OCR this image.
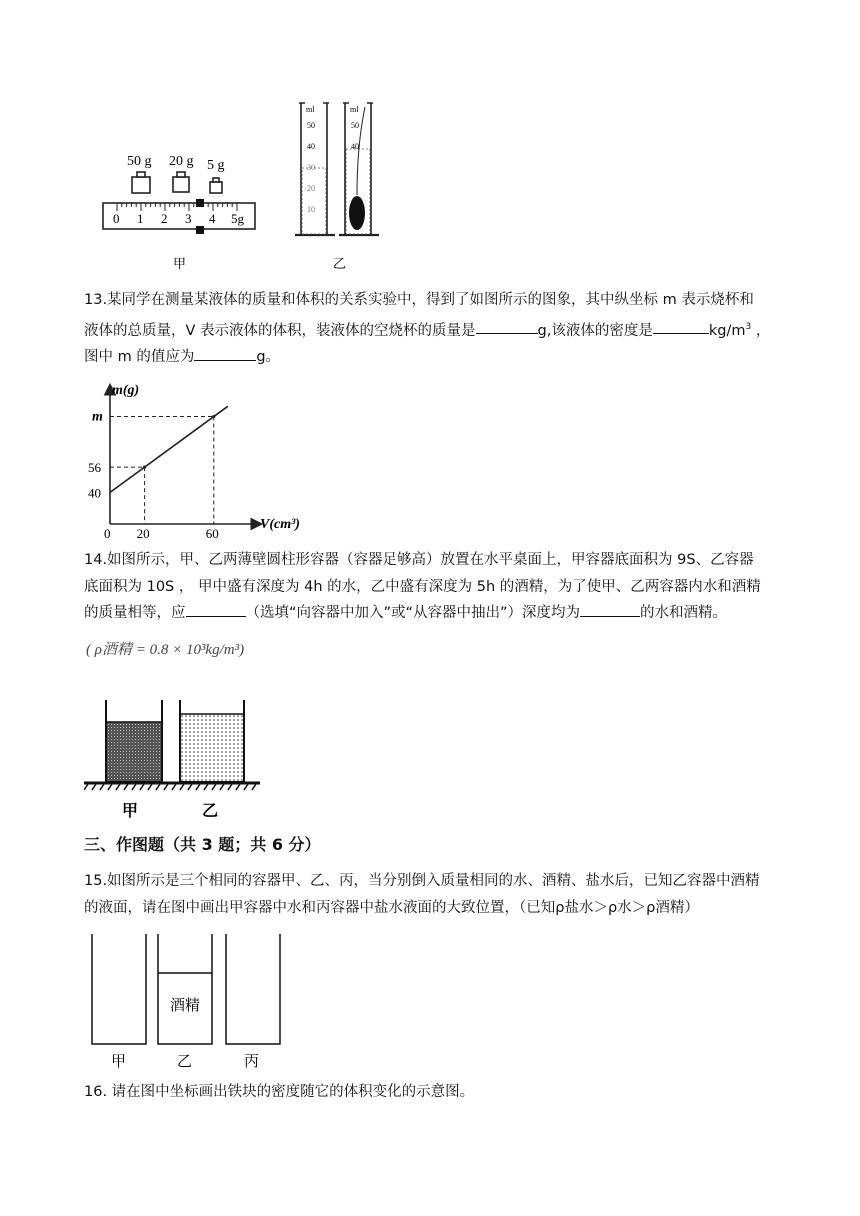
50 g 20 g 5 g
0 1 2 3 4 5g
ml
50
40
30
20
10
ml
50
40
甲	乙
13.某同学在测量某液体的质量和体积的关系实验中，得到了如图所示的图象，其中纵坐标 m 表示烧杯和
液体的总质量，V 表示液体的体积，装液体的空烧杯的质量是	g,该液体的密度是	$kg/m^3$ ，
图中 m 的值应为	g。
m(g)
V(cm³)
0 20	60
40
56
m
14.如图所示，甲、乙两薄壁圆柱形容器（容器足够高）放置在水平桌面上，甲容器底面积为 9S、乙容器
底面积为 10S ， 甲中盛有深度为 4h 的水，乙中盛有深度为 5h 的酒精，为了使甲、乙两容器内水和酒精
的质量相等，应	（选填“向容器中加入”或“从容器中抽出”）深度均为	的水和酒精。
( ρ酒精 = 0.8 × 10³kg/m³)
甲	乙
三、作图题（共 3 题；共 6 分）
15.如图所示是三个相同的容器甲、乙、丙，当分别倒入质量相同的水、酒精、盐水后，已知乙容器中酒精
的液面，请在图中画出甲容器中水和丙容器中盐水液面的大致位置，（已知ρ盐水＞ρ水＞ρ酒精）
酒精
甲	乙	丙
16. 请在图中坐标画出铁块的密度随它的体积变化的示意图。
